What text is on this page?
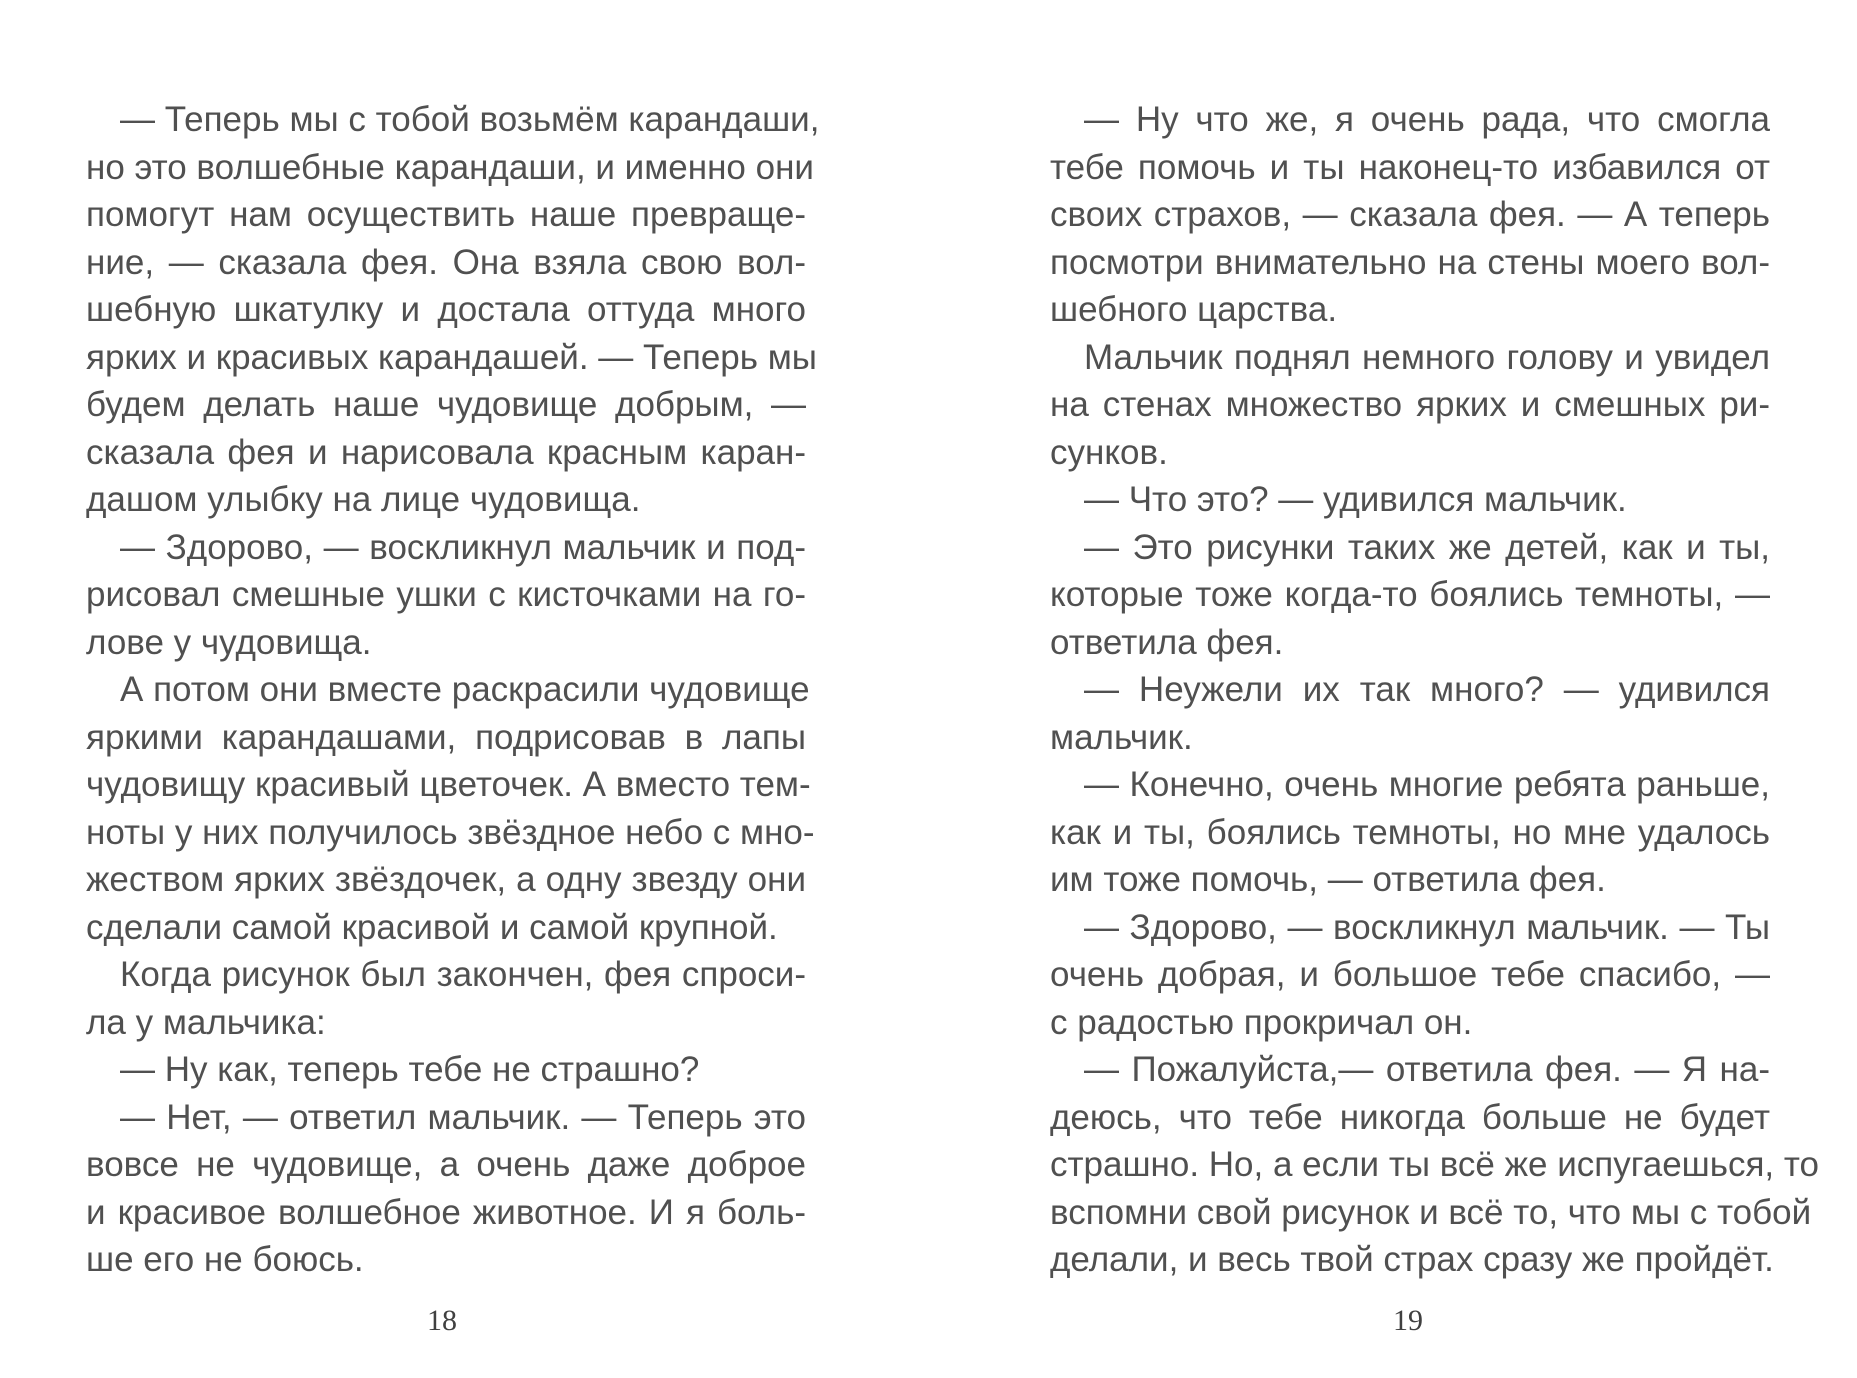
— Теперь мы с тобой возьмём карандаши,
но это волшебные карандаши, и именно они
помогут нам осуществить наше превраще-
ние, — сказала фея. Она взяла свою вол-
шебную шкатулку и достала оттуда много
ярких и красивых карандашей. — Теперь мы
будем делать наше чудовище добрым, —
сказала фея и нарисовала красным каран-
дашом улыбку на лице чудовища.
— Здорово, — воскликнул мальчик и под-
рисовал смешные ушки с кисточками на го-
лове у чудовища.
А потом они вместе раскрасили чудовище
яркими карандашами, подрисовав в лапы
чудовищу красивый цветочек. А вместо тем-
ноты у них получилось звёздное небо с мно-
жеством ярких звёздочек, а одну звезду они
сделали самой красивой и самой крупной.
Когда рисунок был закончен, фея спроси-
ла у мальчика:
— Ну как, теперь тебе не страшно?
— Нет, — ответил мальчик. — Теперь это
вовсе не чудовище, а очень даже доброе
и красивое волшебное животное. И я боль-
ше его не боюсь.
— Ну что же, я очень рада, что смогла
тебе помочь и ты наконец-то избавился от
своих страхов, — сказала фея. — А теперь
посмотри внимательно на стены моего вол-
шебного царства.
Мальчик поднял немного голову и увидел
на стенах множество ярких и смешных ри-
сунков.
— Что это? — удивился мальчик.
— Это рисунки таких же детей, как и ты,
которые тоже когда-то боялись темноты, —
ответила фея.
— Неужели их так много? — удивился
мальчик.
— Конечно, очень многие ребята раньше,
как и ты, боялись темноты, но мне удалось
им тоже помочь, — ответила фея.
— Здорово, — воскликнул мальчик. — Ты
очень добрая, и большое тебе спасибо, —
с радостью прокричал он.
— Пожалуйста,— ответила фея. — Я на-
деюсь, что тебе никогда больше не будет
страшно. Но, а если ты всё же испугаешься, то
вспомни свой рисунок и всё то, что мы с тобой
делали, и весь твой страх сразу же пройдёт.
18	19
